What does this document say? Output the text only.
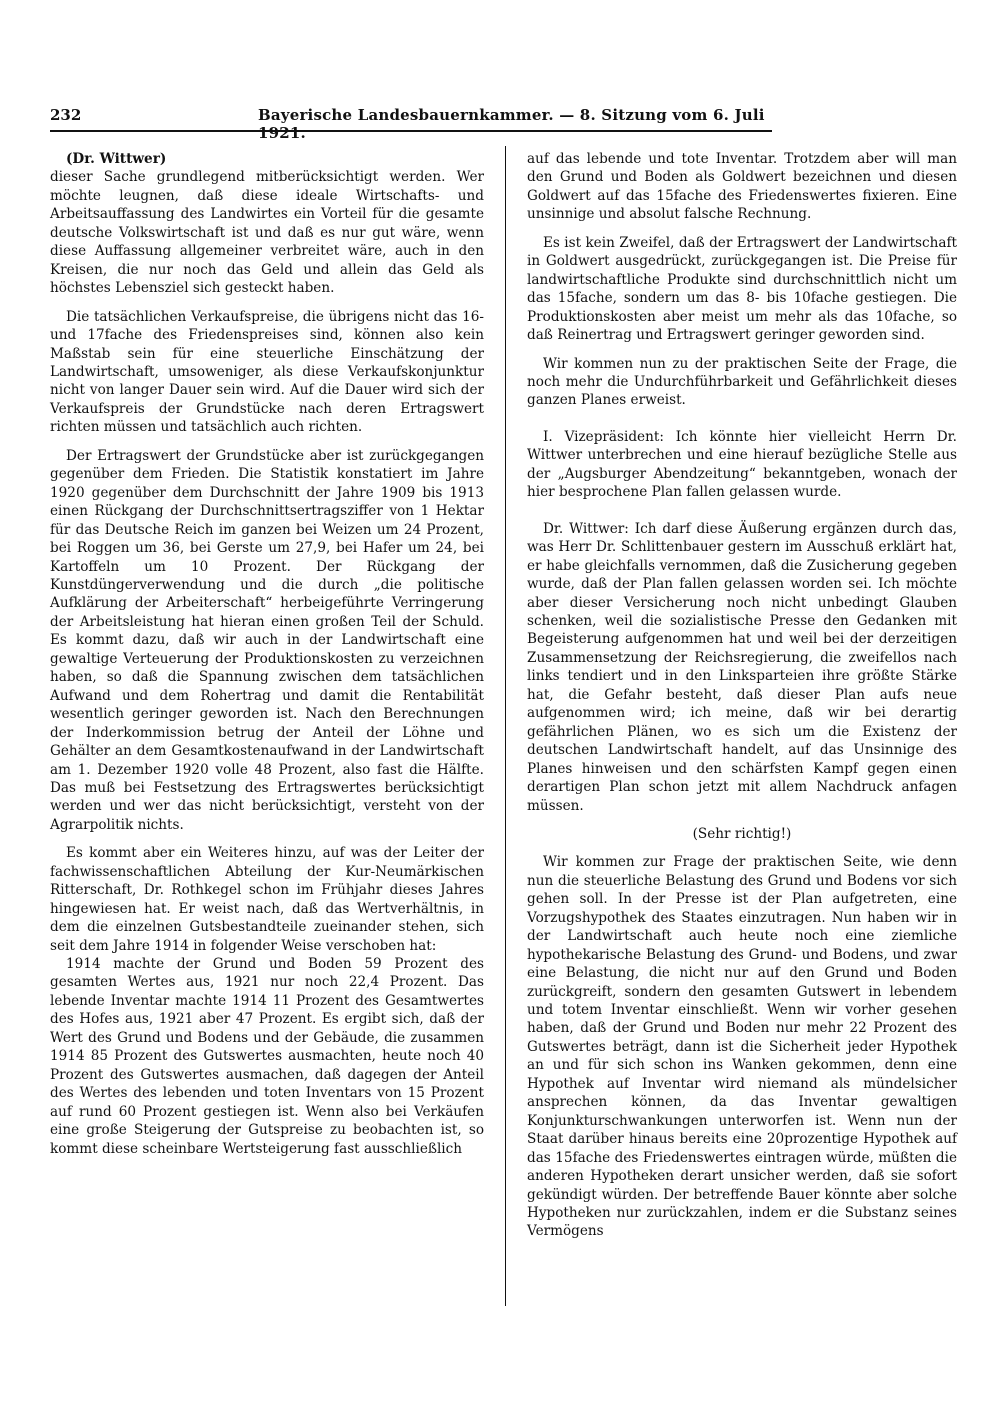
232	Bayerische Landesbauernkammer. — 8. Sitzung vom 6. Juli 1921.

(Dr. Wittwer)

dieser Sache grundlegend mitberücksichtigt werden. Wer möchte leugnen, daß diese ideale Wirtschafts- und Arbeitsauffassung des Landwirtes ein Vorteil für die gesamte deutsche Volkswirtschaft ist und daß es nur gut wäre, wenn diese Auffassung allgemeiner verbreitet wäre, auch in den Kreisen, die nur noch das Geld und allein das Geld als höchstes Lebensziel sich gesteckt haben.

Die tatsächlichen Verkaufspreise, die übrigens nicht das 16- und 17fache des Friedenspreises sind, können also kein Maßstab sein für eine steuerliche Einschätzung der Landwirtschaft, umsoweniger, als diese Verkaufskonjunktur nicht von langer Dauer sein wird. Auf die Dauer wird sich der Verkaufspreis der Grundstücke nach deren Ertragswert richten müssen und tatsächlich auch richten.

Der Ertragswert der Grundstücke aber ist zurückgegangen gegenüber dem Frieden. Die Statistik konstatiert im Jahre 1920 gegenüber dem Durchschnitt der Jahre 1909 bis 1913 einen Rückgang der Durchschnittsertragsziffer von 1 Hektar für das Deutsche Reich im ganzen bei Weizen um 24 Prozent, bei Roggen um 36, bei Gerste um 27,9, bei Hafer um 24, bei Kartoffeln um 10 Prozent. Der Rückgang der Kunstdüngerverwendung und die durch „die politische Aufklärung der Arbeiterschaft“ herbeigeführte Verringerung der Arbeitsleistung hat hieran einen großen Teil der Schuld. Es kommt dazu, daß wir auch in der Landwirtschaft eine gewaltige Verteuerung der Produktionskosten zu verzeichnen haben, so daß die Spannung zwischen dem tatsächlichen Aufwand und dem Rohertrag und damit die Rentabilität wesentlich geringer geworden ist. Nach den Berechnungen der Inderkommission betrug der Anteil der Löhne und Gehälter an dem Gesamtkostenaufwand in der Landwirtschaft am 1. Dezember 1920 volle 48 Prozent, also fast die Hälfte. Das muß bei Festsetzung des Ertragswertes berücksichtigt werden und wer das nicht berücksichtigt, versteht von der Agrarpolitik nichts.

Es kommt aber ein Weiteres hinzu, auf was der Leiter der fachwissenschaftlichen Abteilung der Kur-Neumärkischen Ritterschaft, Dr. Rothkegel schon im Frühjahr dieses Jahres hingewiesen hat. Er weist nach, daß das Wertverhältnis, in dem die einzelnen Gutsbestandteile zueinander stehen, sich seit dem Jahre 1914 in folgender Weise verschoben hat:

1914 machte der Grund und Boden 59 Prozent des gesamten Wertes aus, 1921 nur noch 22,4 Prozent. Das lebende Inventar machte 1914 11 Prozent des Gesamtwertes des Hofes aus, 1921 aber 47 Prozent. Es ergibt sich, daß der Wert des Grund und Bodens und der Gebäude, die zusammen 1914 85 Prozent des Gutswertes ausmachten, heute noch 40 Prozent des Gutswertes ausmachen, daß dagegen der Anteil des Wertes des lebenden und toten Inventars von 15 Prozent auf rund 60 Prozent gestiegen ist. Wenn also bei Verkäufen eine große Steigerung der Gutspreise zu beobachten ist, so kommt diese scheinbare Wertsteigerung fast ausschließlich

auf das lebende und tote Inventar. Trotzdem aber will man den Grund und Boden als Goldwert bezeichnen und diesen Goldwert auf das 15fache des Friedenswertes fixieren. Eine unsinnige und absolut falsche Rechnung.

Es ist kein Zweifel, daß der Ertragswert der Landwirtschaft in Goldwert ausgedrückt, zurückgegangen ist. Die Preise für landwirtschaftliche Produkte sind durchschnittlich nicht um das 15fache, sondern um das 8- bis 10fache gestiegen. Die Produktionskosten aber meist um mehr als das 10fache, so daß Reinertrag und Ertragswert geringer geworden sind.

Wir kommen nun zu der praktischen Seite der Frage, die noch mehr die Undurchführbarkeit und Gefährlichkeit dieses ganzen Planes erweist.

I. Vizepräsident: Ich könnte hier vielleicht Herrn Dr. Wittwer unterbrechen und eine hierauf bezügliche Stelle aus der „Augsburger Abendzeitung“ bekanntgeben, wonach der hier besprochene Plan fallen gelassen wurde.

Dr. Wittwer: Ich darf diese Äußerung ergänzen durch das, was Herr Dr. Schlittenbauer gestern im Ausschuß erklärt hat, er habe gleichfalls vernommen, daß die Zusicherung gegeben wurde, daß der Plan fallen gelassen worden sei. Ich möchte aber dieser Versicherung noch nicht unbedingt Glauben schenken, weil die sozialistische Presse den Gedanken mit Begeisterung aufgenommen hat und weil bei der derzeitigen Zusammensetzung der Reichsregierung, die zweifellos nach links tendiert und in den Linksparteien ihre größte Stärke hat, die Gefahr besteht, daß dieser Plan aufs neue aufgenommen wird; ich meine, daß wir bei derartig gefährlichen Plänen, wo es sich um die Existenz der deutschen Landwirtschaft handelt, auf das Unsinnige des Planes hinweisen und den schärfsten Kampf gegen einen derartigen Plan schon jetzt mit allem Nachdruck anfagen müssen.

(Sehr richtig!)

Wir kommen zur Frage der praktischen Seite, wie denn nun die steuerliche Belastung des Grund und Bodens vor sich gehen soll. In der Presse ist der Plan aufgetreten, eine Vorzugshypothek des Staates einzutragen. Nun haben wir in der Landwirtschaft auch heute noch eine ziemliche hypothekarische Belastung des Grund- und Bodens, und zwar eine Belastung, die nicht nur auf den Grund und Boden zurückgreift, sondern den gesamten Gutswert in lebendem und totem Inventar einschließt. Wenn wir vorher gesehen haben, daß der Grund und Boden nur mehr 22 Prozent des Gutswertes beträgt, dann ist die Sicherheit jeder Hypothek an und für sich schon ins Wanken gekommen, denn eine Hypothek auf Inventar wird niemand als mündelsicher ansprechen können, da das Inventar gewaltigen Konjunkturschwankungen unterworfen ist. Wenn nun der Staat darüber hinaus bereits eine 20prozentige Hypothek auf das 15fache des Friedenswertes eintragen würde, müßten die anderen Hypotheken derart unsicher werden, daß sie sofort gekündigt würden. Der betreffende Bauer könnte aber solche Hypotheken nur zurückzahlen, indem er die Substanz seines Vermögens
